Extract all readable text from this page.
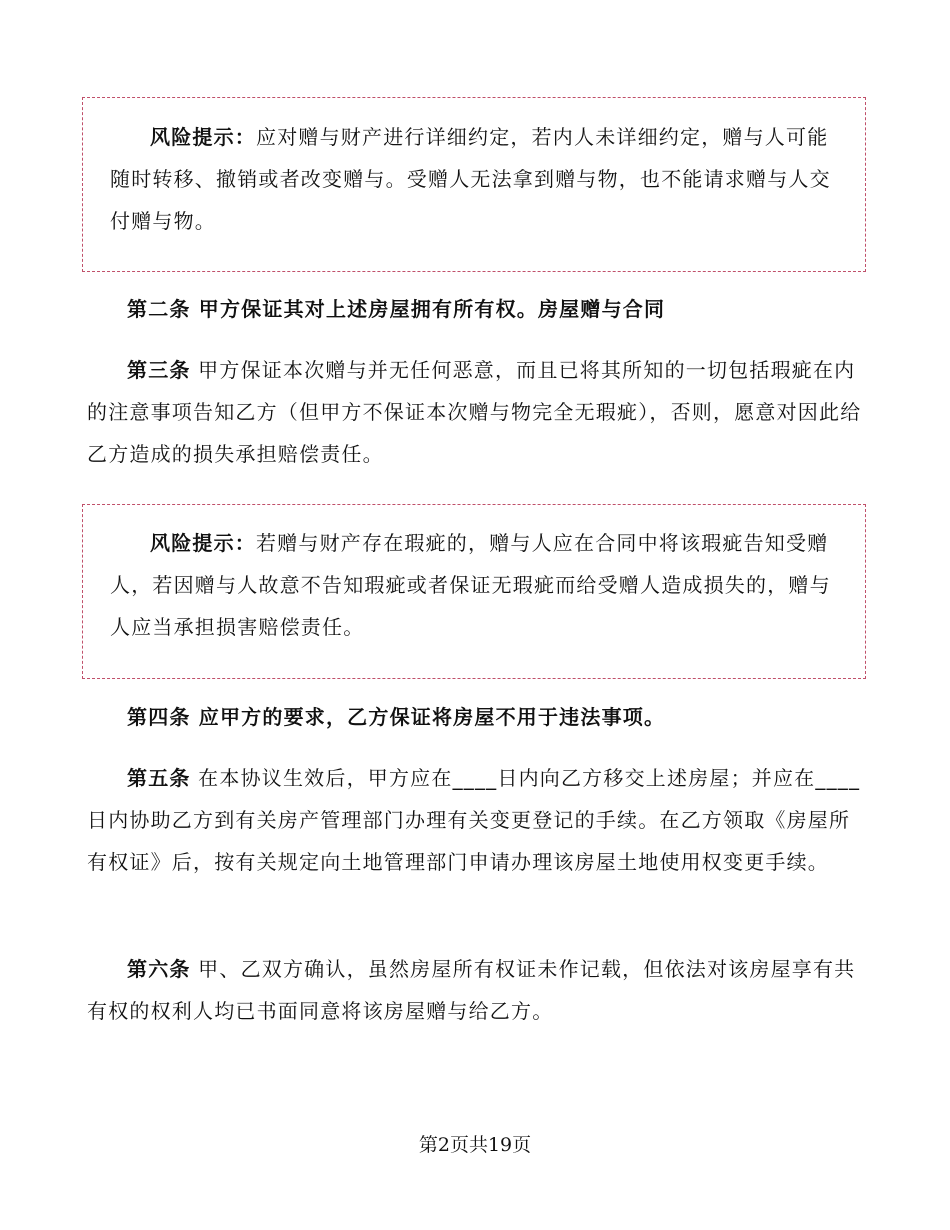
风险提示：应对赠与财产进行详细约定，若内人未详细约定，赠与人可能随时转移、撤销或者改变赠与。受赠人无法拿到赠与物，也不能请求赠与人交付赠与物。

第二条 甲方保证其对上述房屋拥有所有权。房屋赠与合同

第三条 甲方保证本次赠与并无任何恶意，而且已将其所知的一切包括瑕疵在内的注意事项告知乙方（但甲方不保证本次赠与物完全无瑕疵），否则，愿意对因此给乙方造成的损失承担赔偿责任。

风险提示：若赠与财产存在瑕疵的，赠与人应在合同中将该瑕疵告知受赠人，若因赠与人故意不告知瑕疵或者保证无瑕疵而给受赠人造成损失的，赠与人应当承担损害赔偿责任。

第四条 应甲方的要求，乙方保证将房屋不用于违法事项。

第五条 在本协议生效后，甲方应在____日内向乙方移交上述房屋；并应在____日内协助乙方到有关房产管理部门办理有关变更登记的手续。在乙方领取《房屋所有权证》后，按有关规定向土地管理部门申请办理该房屋土地使用权变更手续。

第六条 甲、乙双方确认，虽然房屋所有权证未作记载，但依法对该房屋享有共有权的权利人均已书面同意将该房屋赠与给乙方。

第2页共19页
